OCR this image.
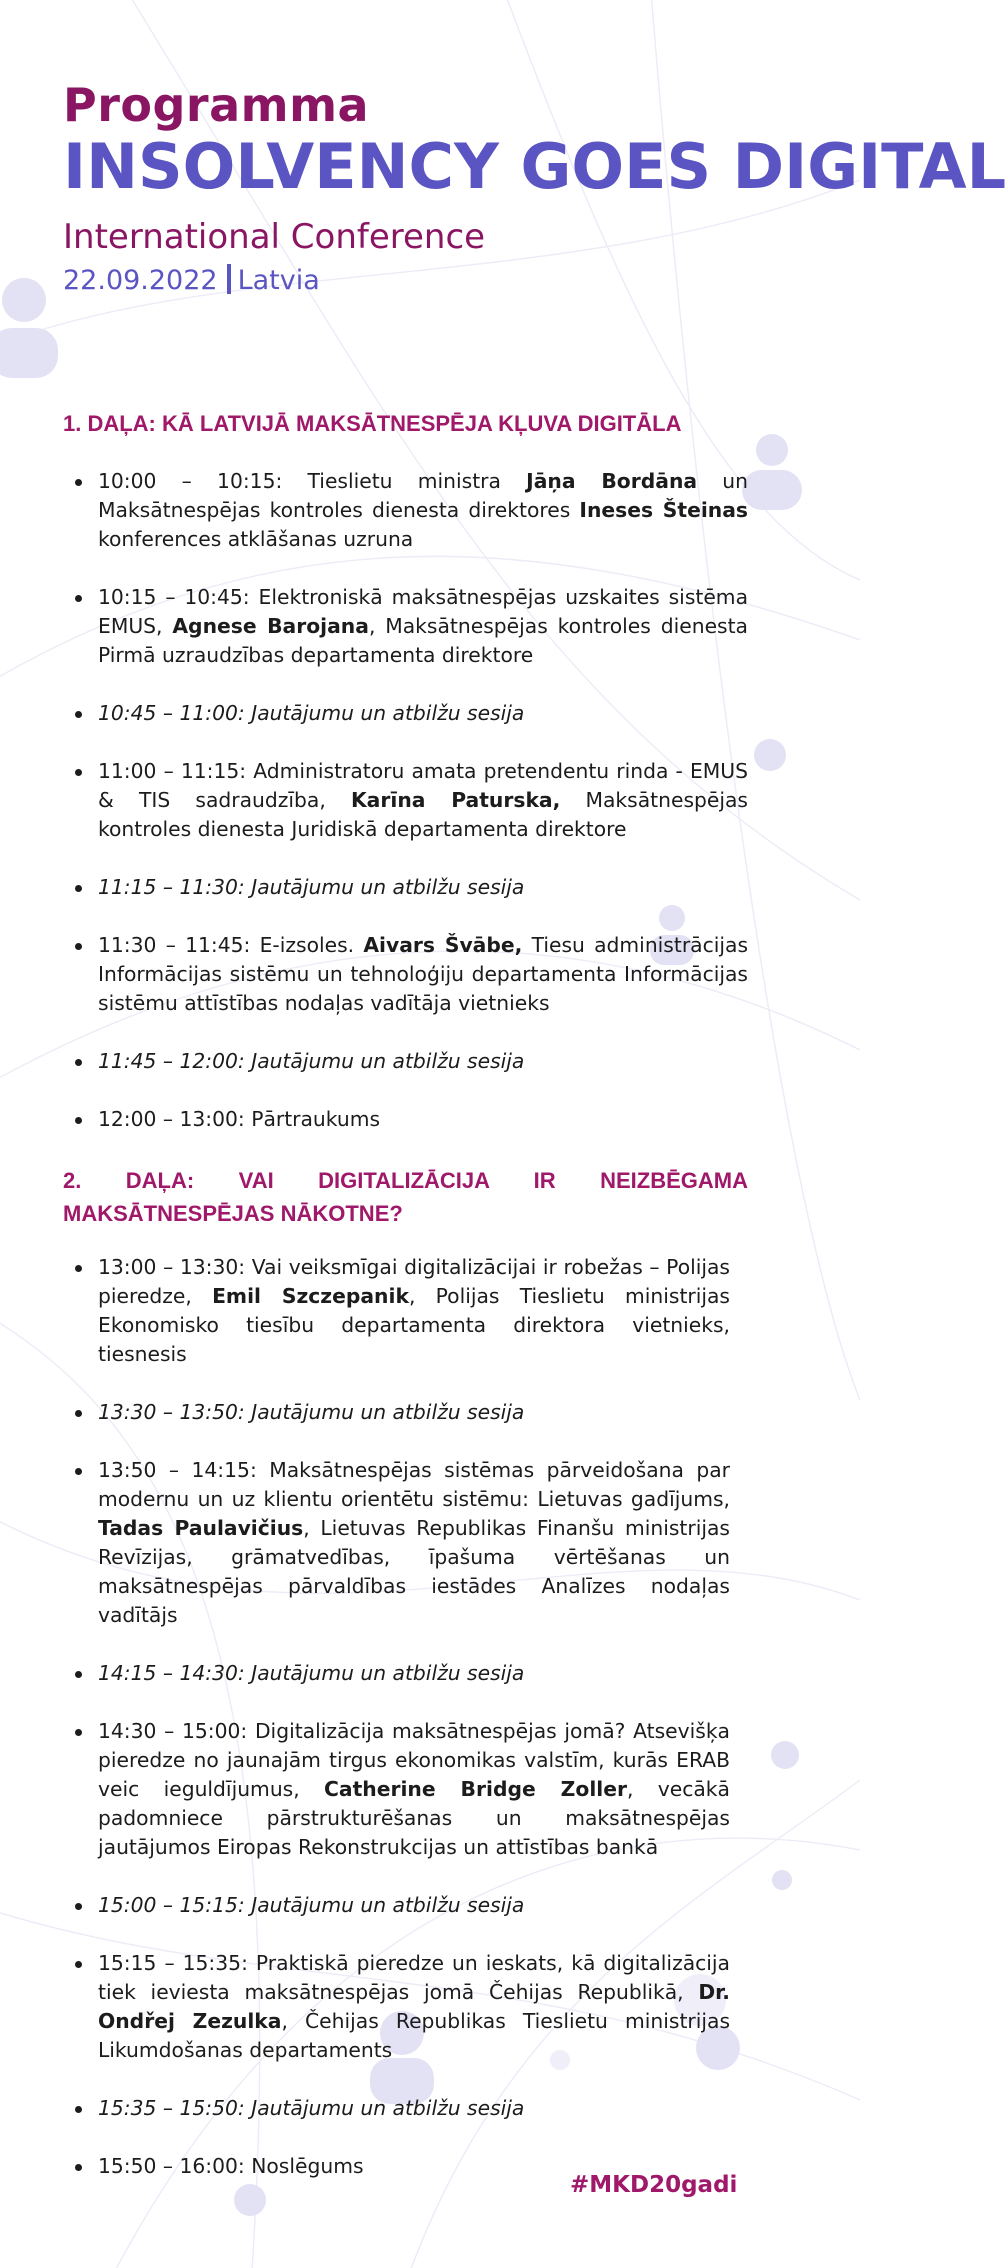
Programma
INSOLVENCY GOES DIGITAL
International Conference
22.09.2022 Latvia
1. DAĻA: KĀ LATVIJĀ MAKSĀTNESPĒJA KĻUVA DIGITĀLA
10:00 – 10:15: Tieslietu ministra Jāņa Bordāna un Maksātnespējas kontroles dienesta direktores Ineses Šteinas konferences atklāšanas uzruna
10:15 – 10:45: Elektroniskā maksātnespējas uzskaites sistēma EMUS, Agnese Barojana, Maksātnespējas kontroles dienesta Pirmā uzraudzības departamenta direktore
10:45 – 11:00: Jautājumu un atbilžu sesija
11:00 – 11:15: Administratoru amata pretendentu rinda - EMUS & TIS sadraudzība, Karīna Paturska, Maksātnespējas kontroles dienesta Juridiskā departamenta direktore
11:15 – 11:30: Jautājumu un atbilžu sesija
11:30 – 11:45: E-izsoles. Aivars Švābe, Tiesu administrācijas Informācijas sistēmu un tehnoloģiju departamenta Informācijas sistēmu attīstības nodaļas vadītāja vietnieks
11:45 – 12:00: Jautājumu un atbilžu sesija
12:00 – 13:00: Pārtraukums
2. DAĻA: VAI DIGITALIZĀCIJA IR NEIZBĒGAMA MAKSĀTNESPĒJAS NĀKOTNE?
13:00 – 13:30: Vai veiksmīgai digitalizācijai ir robežas – Polijas pieredze, Emil Szczepanik, Polijas Tieslietu ministrijas Ekonomisko tiesību departamenta direktora vietnieks, tiesnesis
13:30 – 13:50: Jautājumu un atbilžu sesija
13:50 – 14:15: Maksātnespējas sistēmas pārveidošana par modernu un uz klientu orientētu sistēmu: Lietuvas gadījums, Tadas Paulavičius, Lietuvas Republikas Finanšu ministrijas Revīzijas, grāmatvedības, īpašuma vērtēšanas un maksātnespējas pārvaldības iestādes Analīzes nodaļas vadītājs
14:15 – 14:30: Jautājumu un atbilžu sesija
14:30 – 15:00: Digitalizācija maksātnespējas jomā? Atsevišķa pieredze no jaunajām tirgus ekonomikas valstīm, kurās ERAB veic ieguldījumus, Catherine Bridge Zoller, vecākā padomniece pārstrukturēšanas un maksātnespējas jautājumos Eiropas Rekonstrukcijas un attīstības bankā
15:00 – 15:15: Jautājumu un atbilžu sesija
15:15 – 15:35: Praktiskā pieredze un ieskats, kā digitalizācija tiek ieviesta maksātnespējas jomā Čehijas Republikā, Dr. Ondřej Zezulka, Čehijas Republikas Tieslietu ministrijas Likumdošanas departaments
15:35 – 15:50: Jautājumu un atbilžu sesija
15:50 – 16:00: Noslēgums
#MKD20gadi
